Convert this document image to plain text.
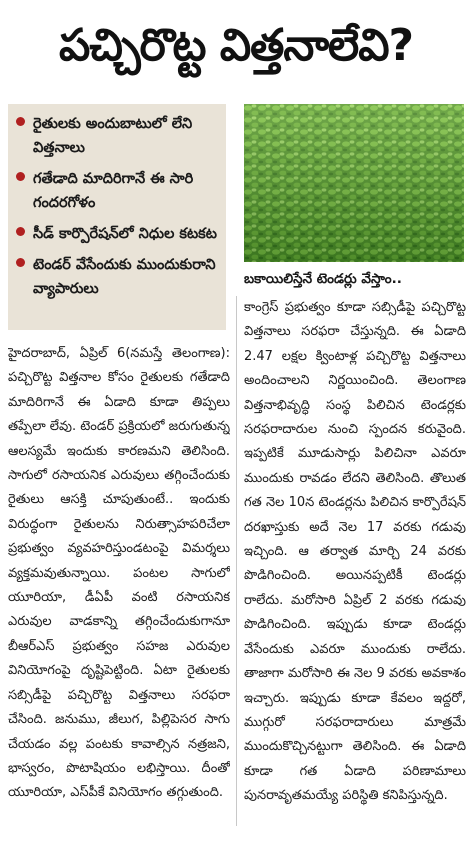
పచ్చిరొట్ట విత్తనాలేవి?
రైతులకు అందుబాటులో లేని విత్తనాలు
గతేడాది మాదిరిగానే ఈ సారి గందరగోళం
సీడ్ కార్పొరేషన్‌లో నిధుల కటకట
టెండర్ వేసేందుకు ముందుకురాని వ్యాపారులు
బకాయిలిస్తేనే టెండర్లు వేస్తాం..
హైదరాబాద్, ఏప్రిల్ 6(నమస్తే తెలంగాణ): పచ్చిరొట్ట విత్తనాల కోసం రైతులకు గతేడాది మాదిరిగానే ఈ ఏడాది కూడా తిప్పలు తప్పేలా లేవు. టెండర్ ప్రక్రియలో జరుగుతున్న ఆలస్యమే ఇందుకు కారణమని తెలిసింది. సాగులో రసాయనిక ఎరువులు తగ్గించేందుకు రైతులు ఆసక్తి చూపుతుంటే.. ఇందుకు విరుద్ధంగా రైతులను నిరుత్సాహపరిచేలా ప్రభుత్వం వ్యవహరిస్తుండటంపై విమర్శలు వ్యక్తమవుతున్నాయి. పంటల సాగులో యూరియా, డీఏపీ వంటి రసాయనిక ఎరువుల వాడకాన్ని తగ్గించేందుకుగానూ బీఆర్‌ఎస్ ప్రభుత్వం సహజ ఎరువుల వినియోగంపై దృష్టిపెట్టింది. ఏటా రైతులకు సబ్సిడీపై పచ్చిరొట్ట విత్తనాలు సరఫరా చేసింది. జనుము, జీలుగ, పిల్లిపెసర సాగు చేయడం వల్ల పంటకు కావాల్సిన నత్రజని, భాస్వరం, పొటాషియం లభిస్తాయి. దీంతో యూరియా, ఎస్‌పీకే వినియోగం తగ్గుతుంది.
కాంగ్రెస్ ప్రభుత్వం కూడా సబ్సిడీపై పచ్చిరొట్ట విత్తనాలు సరఫరా చేస్తున్నది. ఈ ఏడాది 2.47 లక్షల క్వింటాళ్ల పచ్చిరొట్ట విత్తనాలు అందించాలని నిర్ణయించింది. తెలంగాణ విత్తనాభివృద్ధి సంస్థ పిలిచిన టెండర్లకు సరఫరాదారుల నుంచి స్పందన కరువైంది. ఇప్పటికే మూడుసార్లు పిలిచినా ఎవరూ ముందుకు రావడం లేదని తెలిసింది. తొలుత గత నెల 10న టెండర్లను పిలిచిన కార్పొరేషన్ దరఖాస్తుకు అదే నెల 17 వరకు గడువు ఇచ్చింది. ఆ తర్వాత మార్చి 24 వరకు పొడిగించింది. అయినప్పటికీ టెండర్లు రాలేదు. మరోసారి ఏప్రిల్ 2 వరకు గడువు పొడిగించింది. ఇప్పుడు కూడా టెండర్లు వేసేందుకు ఎవరూ ముందుకు రాలేదు. తాజాగా మరోసారి ఈ నెల 9 వరకు అవకాశం ఇచ్చారు. ఇప్పుడు కూడా కేవలం ఇద్దరో, ముగ్గురో సరఫరాదారులు మాత్రమే ముందుకొచ్చినట్టుగా తెలిసింది. ఈ ఏడాది కూడా గత ఏడాది పరిణామాలు పునరావృతమయ్యే పరిస్థితి కనిపిస్తున్నది.
